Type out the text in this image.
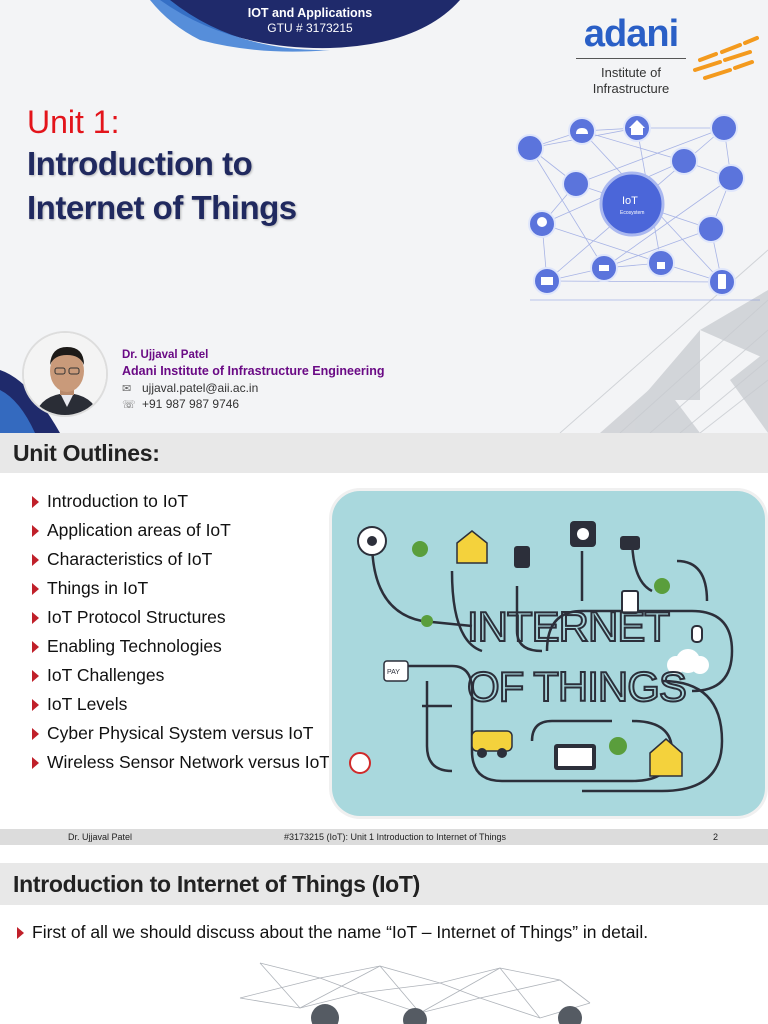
IoT
Ecosystem
IOT and Applications
GTU # 3173215	adani
Institute of
Infrastructure
Unit 1:
Introduction to
Internet of Things
Dr. Ujjaval Patel
Adani Institute of Infrastructure Engineering
✉ ujjaval.patel@aii.ac.in
☏ +91 987 987 9746
Unit Outlines:
Introduction to IoT
Application areas of IoT
Characteristics of IoT
Things in IoT
IoT Protocol Structures
Enabling Technologies
IoT Challenges
IoT Levels
Cyber Physical System versus IoT
Wireless Sensor Network versus IoT
PAY
INTERNET
OF THINGS
Dr. Ujjaval Patel	#3173215 (IoT): Unit 1 Introduction to Internet of Things	2
Introduction to Internet of Things (IoT)
First of all we should discuss about the name “IoT – Internet of Things” in detail.
